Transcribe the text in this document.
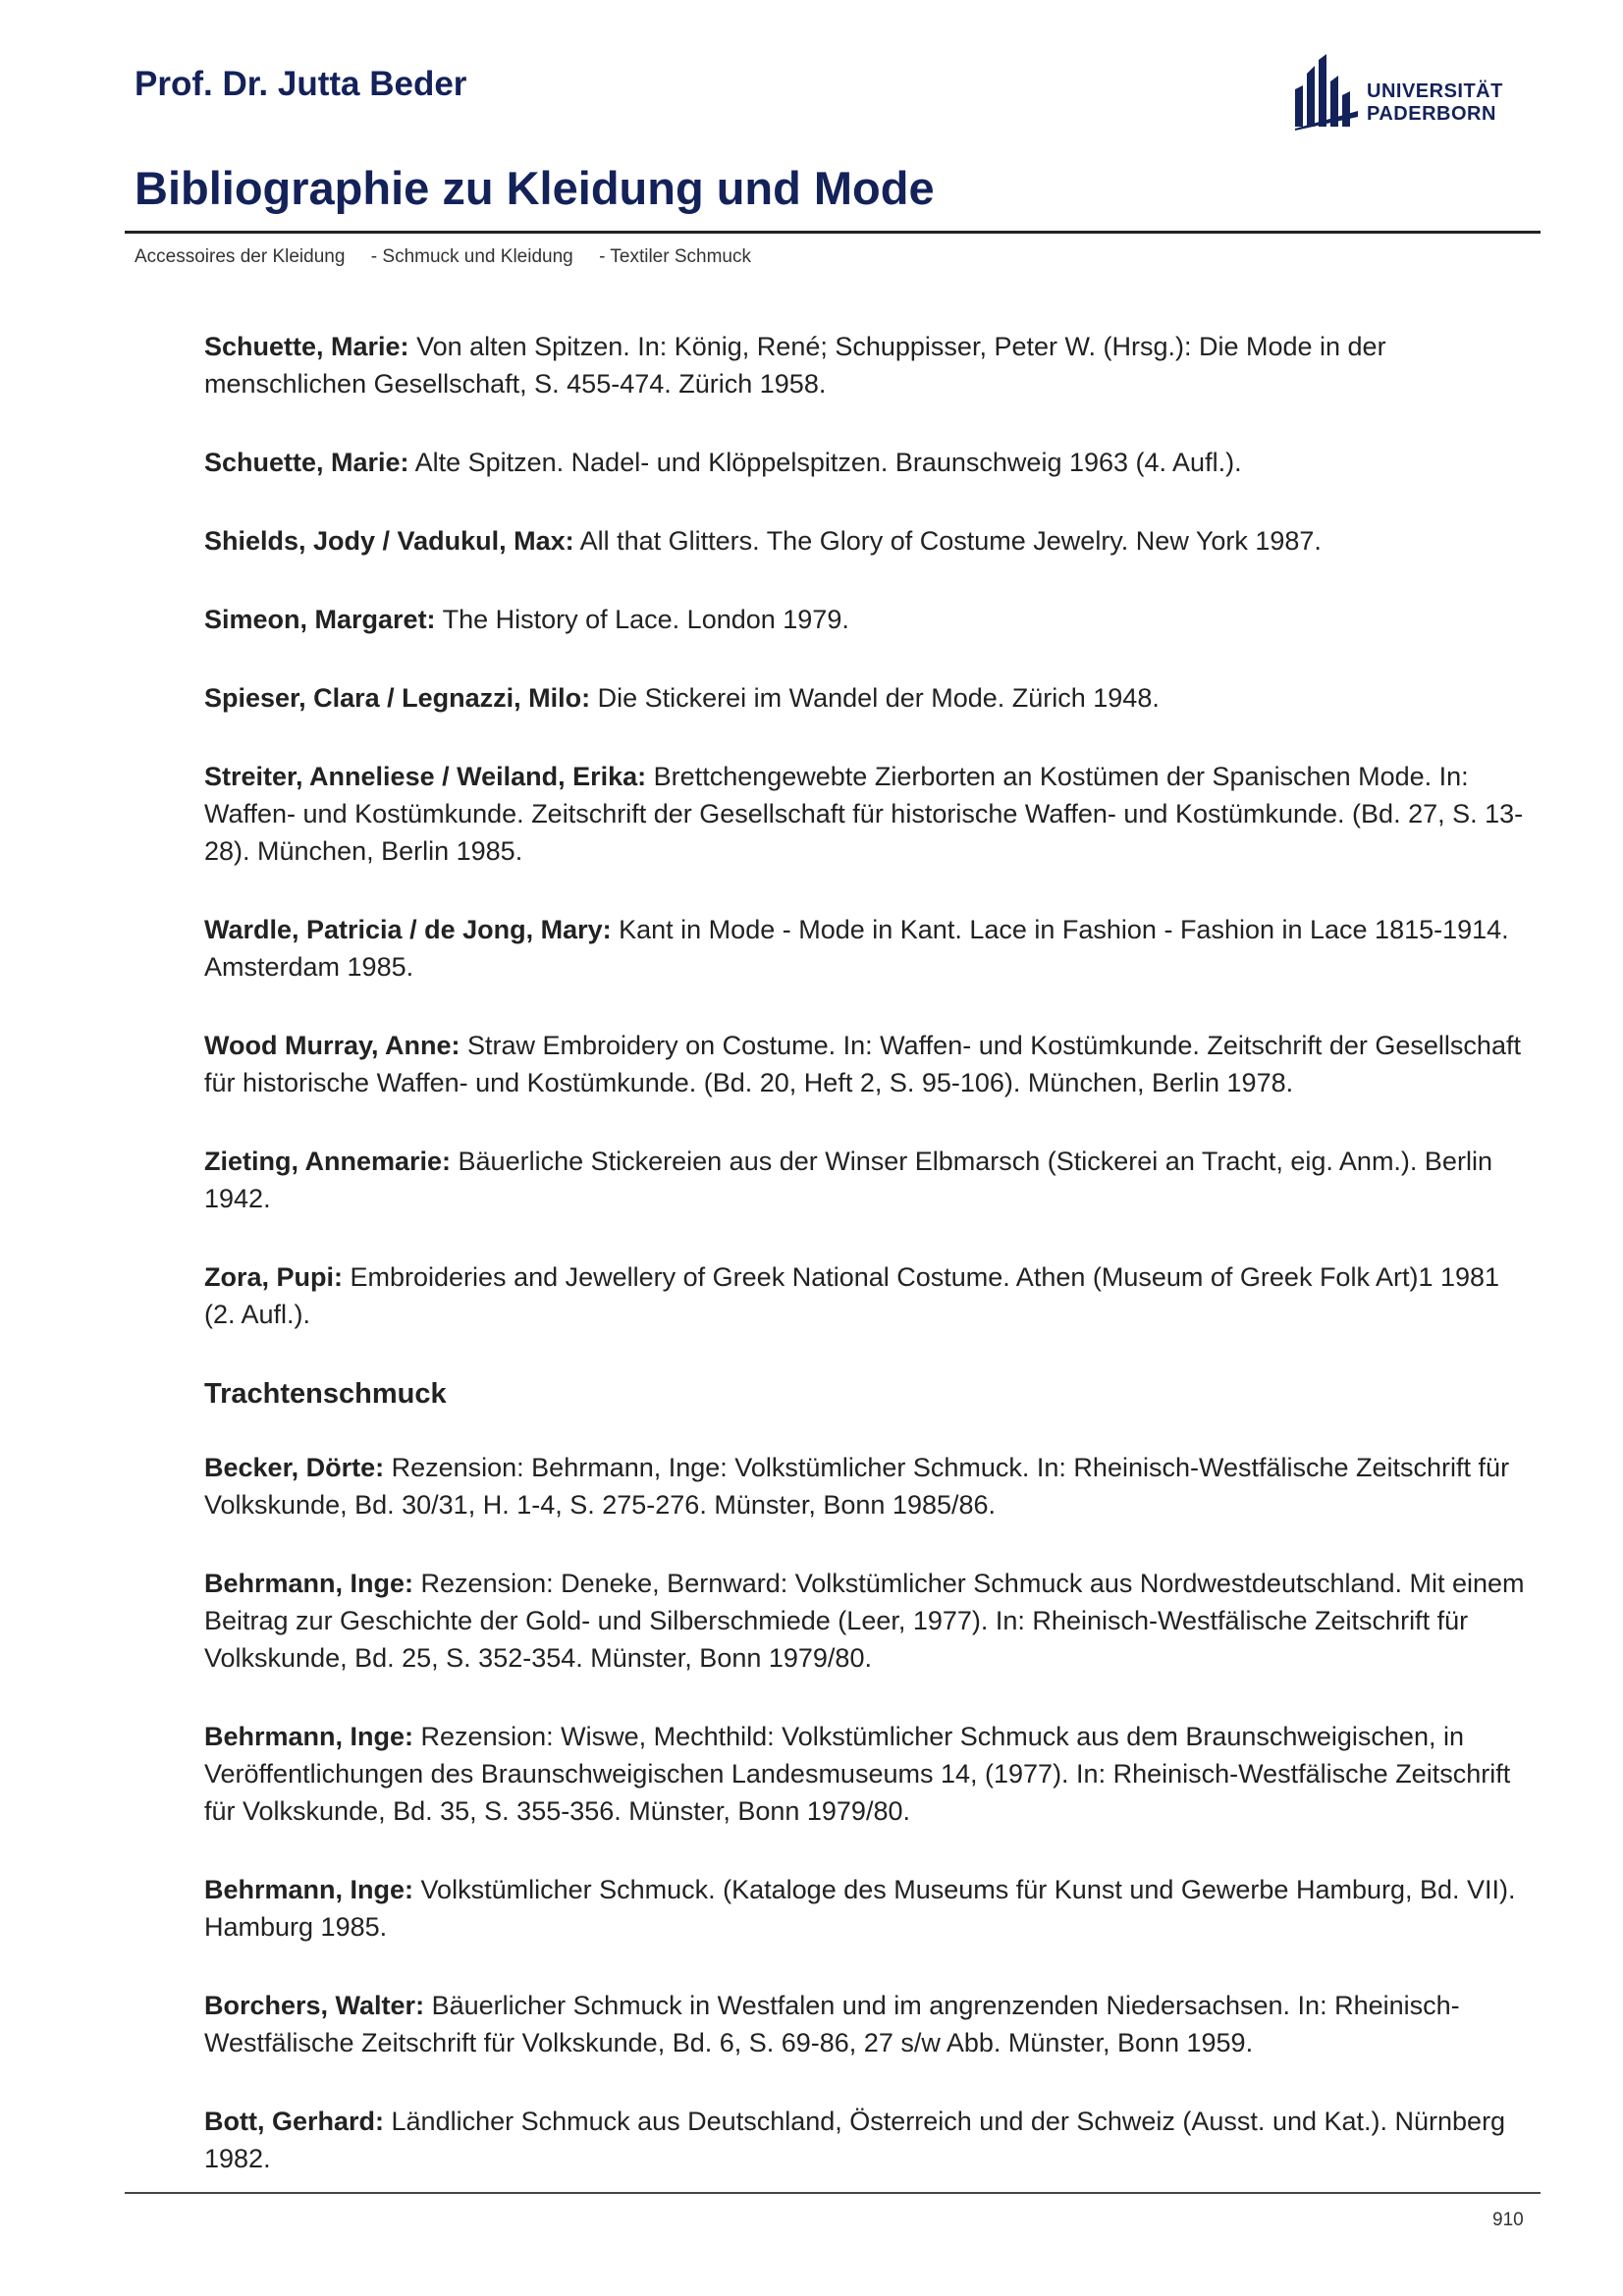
Prof. Dr. Jutta Beder	UNIVERSITÄT
PADERBORN
Bibliographie zu Kleidung und Mode
Accessoires der Kleidung     - Schmuck und Kleidung     - Textiler Schmuck
Schuette, Marie: Von alten Spitzen. In: König, René; Schuppisser, Peter W. (Hrsg.): Die Mode in der menschlichen Gesellschaft, S. 455-474. Zürich 1958.
Schuette, Marie: Alte Spitzen. Nadel- und Klöppelspitzen. Braunschweig 1963 (4. Aufl.).
Shields, Jody / Vadukul, Max: All that Glitters. The Glory of Costume Jewelry. New York 1987.
Simeon, Margaret: The History of Lace. London 1979.
Spieser, Clara / Legnazzi, Milo: Die Stickerei im Wandel der Mode. Zürich 1948.
Streiter, Anneliese / Weiland, Erika: Brettchengewebte Zierborten an Kostümen der Spanischen Mode. In: Waffen- und Kostümkunde. Zeitschrift der Gesellschaft für historische Waffen- und Kostümkunde. (Bd. 27, S. 13-28). München, Berlin 1985.
Wardle, Patricia / de Jong, Mary: Kant in Mode - Mode in Kant. Lace in Fashion - Fashion in Lace 1815-1914. Amsterdam 1985.
Wood Murray, Anne: Straw Embroidery on Costume. In: Waffen- und Kostümkunde. Zeitschrift der Gesellschaft für historische Waffen- und Kostümkunde. (Bd. 20, Heft 2, S. 95-106). München, Berlin 1978.
Zieting, Annemarie: Bäuerliche Stickereien aus der Winser Elbmarsch (Stickerei an Tracht, eig. Anm.). Berlin 1942.
Zora, Pupi: Embroideries and Jewellery of Greek National Costume. Athen (Museum of Greek Folk Art)1 1981 (2. Aufl.).
Trachtenschmuck
Becker, Dörte: Rezension: Behrmann, Inge: Volkstümlicher Schmuck. In: Rheinisch-Westfälische Zeitschrift für Volkskunde, Bd. 30/31, H. 1-4, S. 275-276. Münster, Bonn 1985/86.
Behrmann, Inge: Rezension: Deneke, Bernward: Volkstümlicher Schmuck aus Nordwestdeutschland. Mit einem Beitrag zur Geschichte der Gold- und Silberschmiede (Leer, 1977). In: Rheinisch-Westfälische Zeitschrift für Volkskunde, Bd. 25, S. 352-354. Münster, Bonn 1979/80.
Behrmann, Inge: Rezension: Wiswe, Mechthild: Volkstümlicher Schmuck aus dem Braunschweigischen, in Veröffentlichungen des Braunschweigischen Landesmuseums 14, (1977). In: Rheinisch-Westfälische Zeitschrift für Volkskunde, Bd. 35, S. 355-356. Münster, Bonn 1979/80.
Behrmann, Inge: Volkstümlicher Schmuck. (Kataloge des Museums für Kunst und Gewerbe Hamburg, Bd. VII). Hamburg 1985.
Borchers, Walter: Bäuerlicher Schmuck in Westfalen und im angrenzenden Niedersachsen. In: Rheinisch-Westfälische Zeitschrift für Volkskunde, Bd. 6, S. 69-86, 27 s/w Abb. Münster, Bonn 1959.
Bott, Gerhard: Ländlicher Schmuck aus Deutschland, Österreich und der Schweiz (Ausst. und Kat.). Nürnberg 1982.
910
